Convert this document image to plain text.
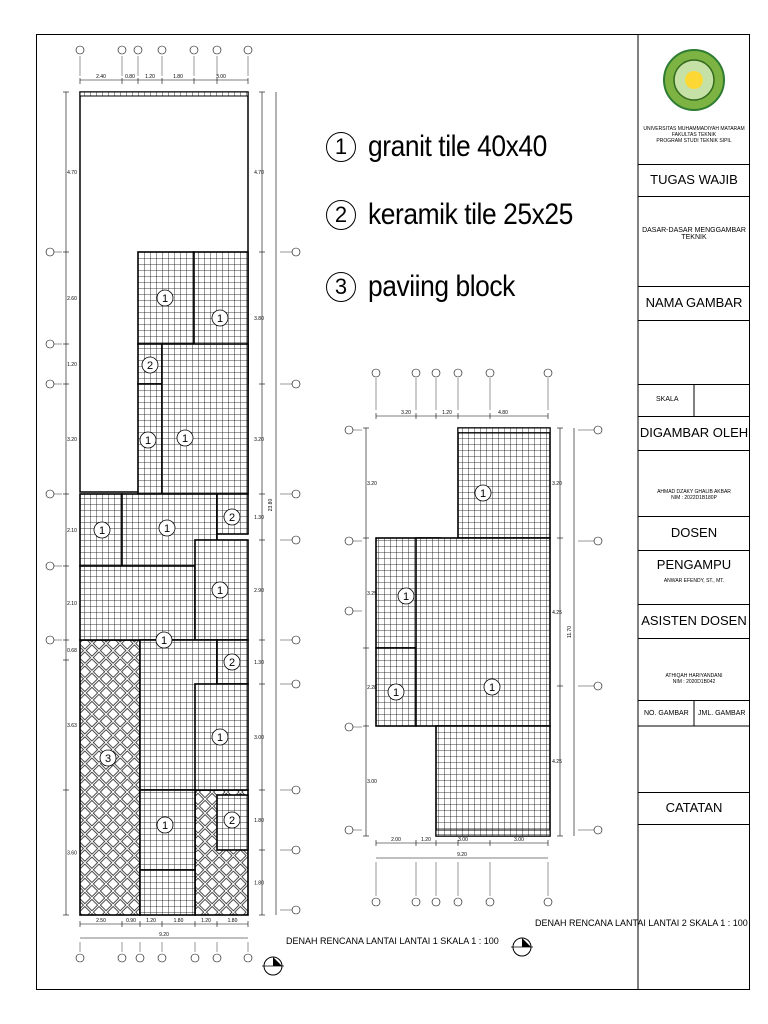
1
1
2
1	1
1	1
2
1
1
2
1
3
1	2
2.40	0.80 1.20	1.80	3.00
2.50	0.90 1.20	1.80	1.20	1.80
9.20
4.70
2.60
1.20
3.20
2.10
2.10
0.68
3.63
3.60
4.70
3.80
3.20
1.30
2.90
1.30
3.00
1.80
1.80
23.80
1
1
1	1
3.20	1.20	4.80
2.00	1.20	3.00	3.00
9.20
3.20
3.25
2.28
3.00
3.20
4.25
4.25
11.70
1 granit tile 40x40
2 keramik tile 25x25
3 paviing block
UNIVERSITAS MUHAMMADIYAH MATARAM
FAKULTAS TEKNIK
PROGRAM STUDI TEKNIK SIPIL
TUGAS WAJIB
DASAR-DASAR MENGGAMBAR TEKNIK
NAMA GAMBAR
SKALA
DIGAMBAR OLEH
AHMAD DZAKY GHALIB AKBAR
NIM : 2022D1B180P
DOSEN PENGAMPU
ANWAR EFENDY, ST., MT.
ASISTEN DOSEN
ATHIQAH HARIYANDANI
NIM : 2020D1B042
NO. GAMBAR JML. GAMBAR
CATATAN
DENAH RENCANA LANTAI LANTAI 1 SKALA 1 : 100
DENAH RENCANA LANTAI LANTAI 2 SKALA 1 : 100
